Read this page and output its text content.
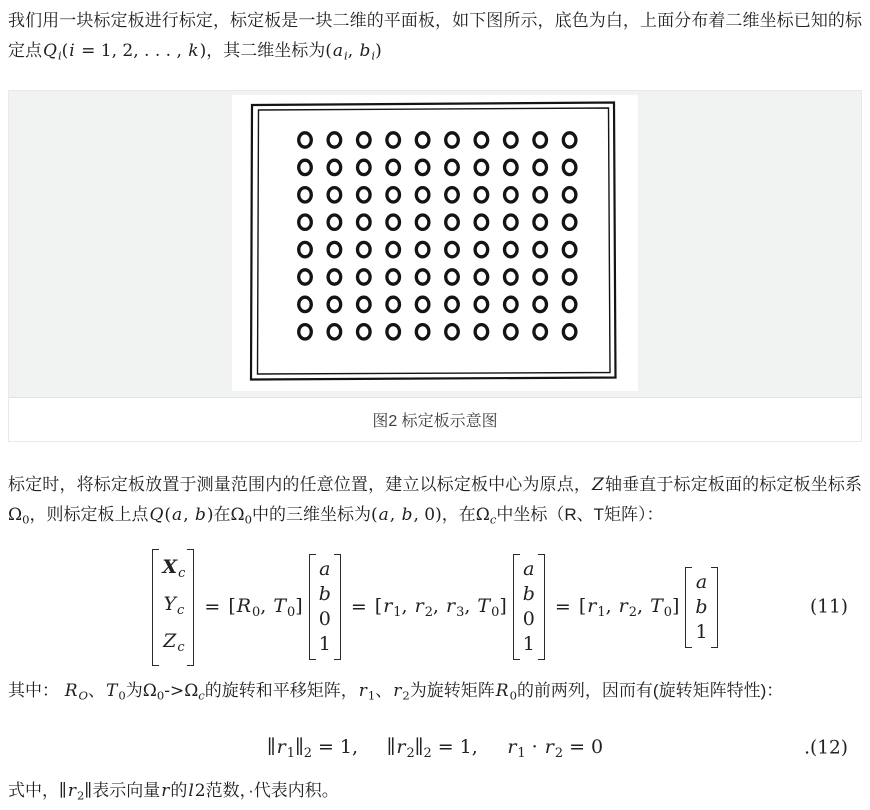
我们用一块标定板进行标定，标定板是一块二维的平面板，如下图所示，底色为白，上面分布着二维坐标已知的标定点$Q_i(i = 1$, 2, . . . , k)，其二维坐标为($a_i$, $b_i$)

图2 标定板示意图

标定时，将标定板放置于测量范围内的任意位置，建立以标定板中心为原点，Z轴垂直于标定板面的标定板坐标系$\Omega_0$，则标定板上点Q(a, b)在$\Omega_0$中的三维坐标为(a, b, 0)，在$\Omega_c$中坐标（R、T矩阵）：

$X_c$
$Y_c$
$Z_c$
= [$R_0$, $T_0$]
a
b
0
1
= [$r_1$, $r_2$, $r_3$, $T_0$]
a
b
0
1
= [$r_1$, $r_2$, $T_0$]
a
b
1
(11)

其中： $R_O$、$T_0$为$\Omega_0->\Omega_c$的旋转和平移矩阵，$r_1$、$r_2$为旋转矩阵$R_0$的前两列，因而有(旋转矩阵特性)：

$\parallel r_1\parallel_2 = 1$,    $\parallel r_2\parallel_2 = 1$,    $r_1 \cdot r_2 = 0$	.(12)

式中，$\parallel r_2\parallel$表示向量r的l2范数，·代表内积。
